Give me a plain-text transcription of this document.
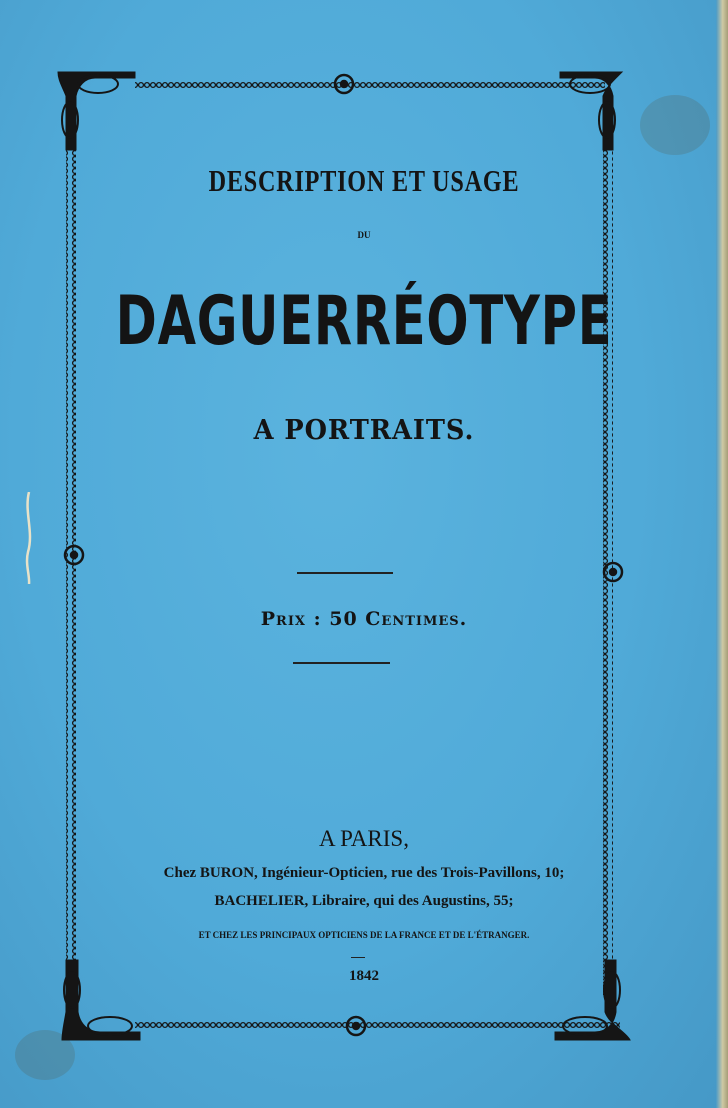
DESCRIPTION ET USAGE
DU
DAGUERRÉOTYPE
A PORTRAITS.
Prix : 50 Centimes.
A PARIS,
Chez BURON, Ingénieur-Opticien, rue des Trois-Pavillons, 10;
BACHELIER, Libraire, qui des Augustins, 55;
ET CHEZ LES PRINCIPAUX OPTICIENS DE LA FRANCE ET DE L'ÉTRANGER.
1842
